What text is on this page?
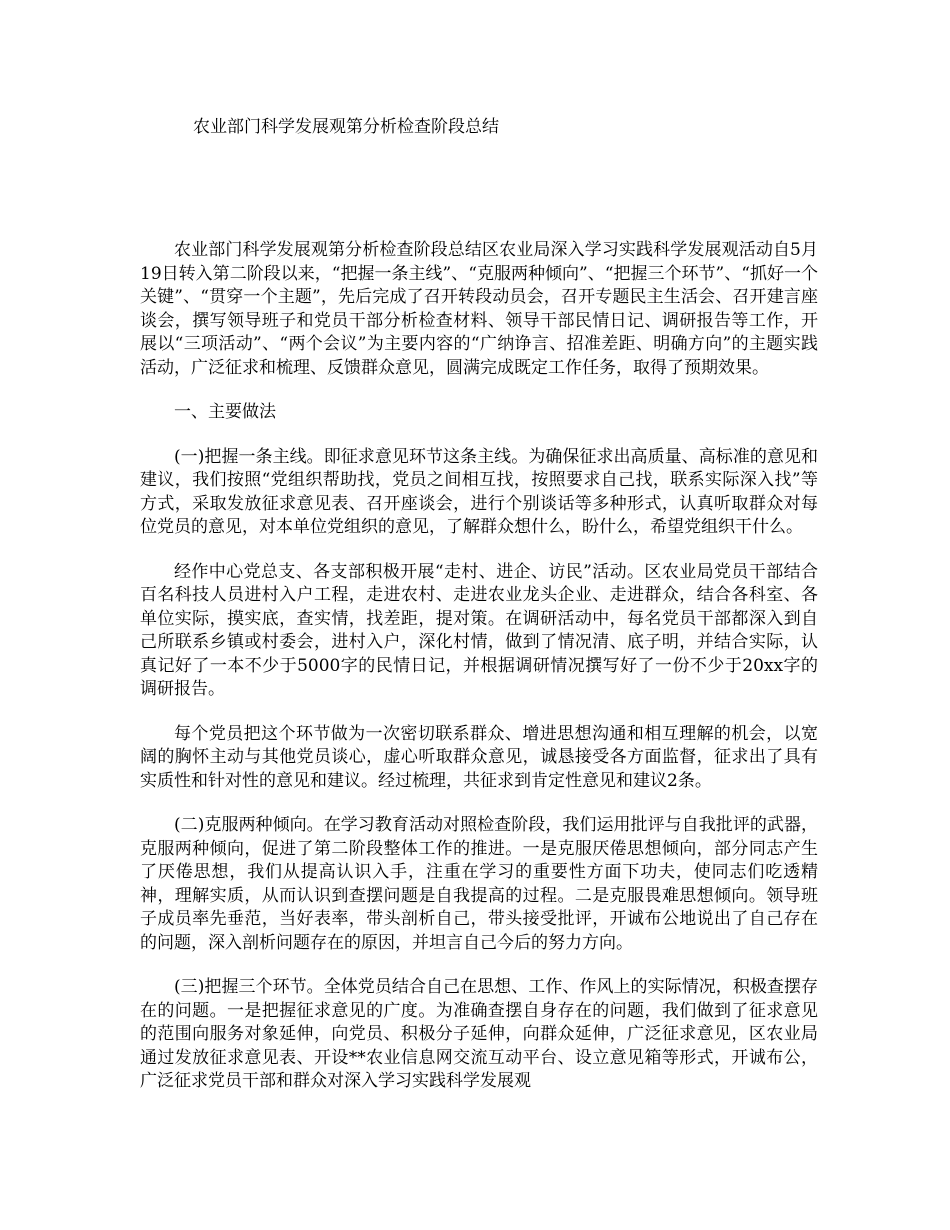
农业部门科学发展观第分析检查阶段总结

农业部门科学发展观第分析检查阶段总结区农业局深入学习实践科学发展观活动自5月19日转入第二阶段以来，“把握一条主线”、“克服两种倾向”、“把握三个环节”、“抓好一个关键”、“贯穿一个主题”，先后完成了召开转段动员会，召开专题民主生活会、召开建言座谈会，撰写领导班子和党员干部分析检查材料、领导干部民情日记、调研报告等工作，开展以“三项活动”、“两个会议”为主要内容的“广纳诤言、招准差距、明确方向”的主题实践活动，广泛征求和梳理、反馈群众意见，圆满完成既定工作任务，取得了预期效果。

一、主要做法

(一)把握一条主线。即征求意见环节这条主线。为确保征求出高质量、高标准的意见和建议，我们按照“党组织帮助找，党员之间相互找，按照要求自己找，联系实际深入找”等方式，采取发放征求意见表、召开座谈会，进行个别谈话等多种形式，认真听取群众对每位党员的意见，对本单位党组织的意见，了解群众想什么，盼什么，希望党组织干什么。

经作中心党总支、各支部积极开展“走村、进企、访民”活动。区农业局党员干部结合百名科技人员进村入户工程，走进农村、走进农业龙头企业、走进群众，结合各科室、各单位实际，摸实底，查实情，找差距，提对策。在调研活动中，每名党员干部都深入到自己所联系乡镇或村委会，进村入户，深化村情，做到了情况清、底子明，并结合实际，认真记好了一本不少于5000字的民情日记，并根据调研情况撰写好了一份不少于20xx字的调研报告。

每个党员把这个环节做为一次密切联系群众、增进思想沟通和相互理解的机会，以宽阔的胸怀主动与其他党员谈心，虚心听取群众意见，诚恳接受各方面监督，征求出了具有实质性和针对性的意见和建议。经过梳理，共征求到肯定性意见和建议2条。

(二)克服两种倾向。在学习教育活动对照检查阶段，我们运用批评与自我批评的武器，克服两种倾向，促进了第二阶段整体工作的推进。一是克服厌倦思想倾向，部分同志产生了厌倦思想，我们从提高认识入手，注重在学习的重要性方面下功夫，使同志们吃透精神，理解实质，从而认识到查摆问题是自我提高的过程。二是克服畏难思想倾向。领导班子成员率先垂范，当好表率，带头剖析自己，带头接受批评，开诚布公地说出了自己存在的问题，深入剖析问题存在的原因，并坦言自己今后的努力方向。

(三)把握三个环节。全体党员结合自己在思想、工作、作风上的实际情况，积极查摆存在的问题。一是把握征求意见的广度。为准确查摆自身存在的问题，我们做到了征求意见的范围向服务对象延伸，向党员、积极分子延伸，向群众延伸，广泛征求意见，区农业局通过发放征求意见表、开设**农业信息网交流互动平台、设立意见箱等形式，开诚布公，广泛征求党员干部和群众对深入学习实践科学发展观
